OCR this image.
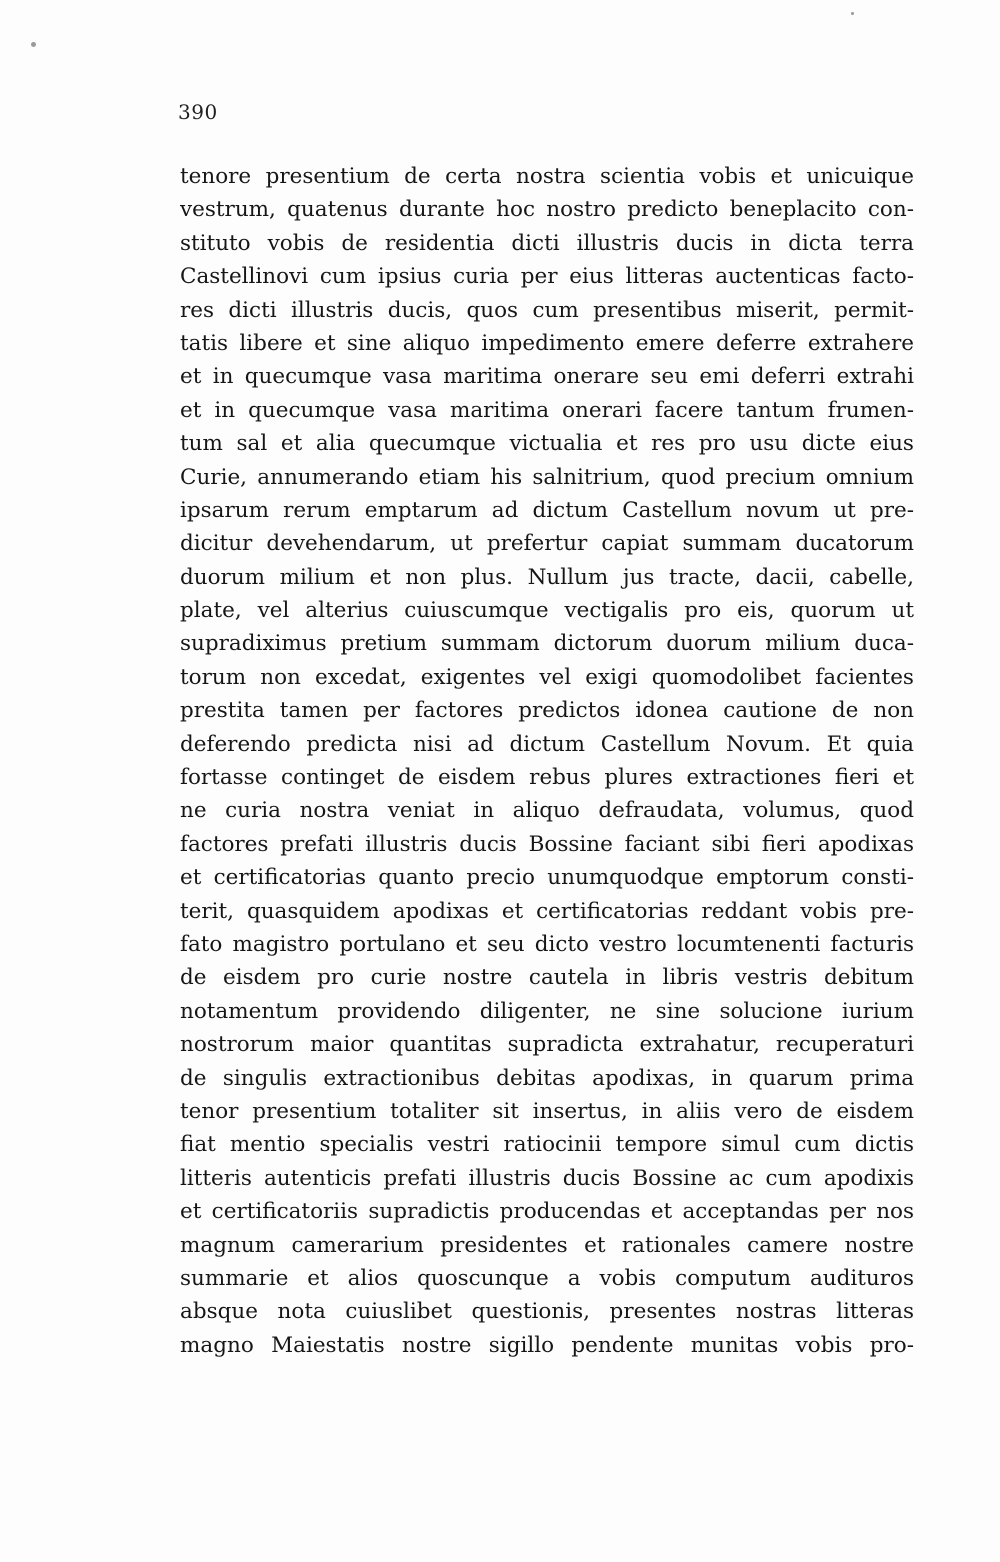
390
tenore presentium de certa nostra scientia vobis et unicuique
vestrum, quatenus durante hoc nostro predicto beneplacito con-
stituto vobis de residentia dicti illustris ducis in dicta terra
Castellinovi cum ipsius curia per eius litteras auctenticas facto-
res dicti illustris ducis, quos cum presentibus miserit, permit-
tatis libere et sine aliquo impedimento emere deferre extrahere
et in quecumque vasa maritima onerare seu emi deferri extrahi
et in quecumque vasa maritima onerari facere tantum frumen-
tum sal et alia quecumque victualia et res pro usu dicte eius
Curie, annumerando etiam his salnitrium, quod precium omnium
ipsarum rerum emptarum ad dictum Castellum novum ut pre-
dicitur devehendarum, ut prefertur capiat summam ducatorum
duorum milium et non plus. Nullum jus tracte, dacii, cabelle,
plate, vel alterius cuiuscumque vectigalis pro eis, quorum ut
supradiximus pretium summam dictorum duorum milium duca-
torum non excedat, exigentes vel exigi quomodolibet facientes
prestita tamen per factores predictos idonea cautione de non
deferendo predicta nisi ad dictum Castellum Novum. Et quia
fortasse continget de eisdem rebus plures extractiones fieri et
ne curia nostra veniat in aliquo defraudata, volumus, quod
factores prefati illustris ducis Bossine faciant sibi fieri apodixas
et certificatorias quanto precio unumquodque emptorum consti-
terit, quasquidem apodixas et certificatorias reddant vobis pre-
fato magistro portulano et seu dicto vestro locumtenenti facturis
de eisdem pro curie nostre cautela in libris vestris debitum
notamentum providendo diligenter, ne sine solucione iurium
nostrorum maior quantitas supradicta extrahatur, recuperaturi
de singulis extractionibus debitas apodixas, in quarum prima
tenor presentium totaliter sit insertus, in aliis vero de eisdem
fiat mentio specialis vestri ratiocinii tempore simul cum dictis
litteris autenticis prefati illustris ducis Bossine ac cum apodixis
et certificatoriis supradictis producendas et acceptandas per nos
magnum camerarium presidentes et rationales camere nostre
summarie et alios quoscunque a vobis computum audituros
absque nota cuiuslibet questionis, presentes nostras litteras
magno Maiestatis nostre sigillo pendente munitas vobis pro-
